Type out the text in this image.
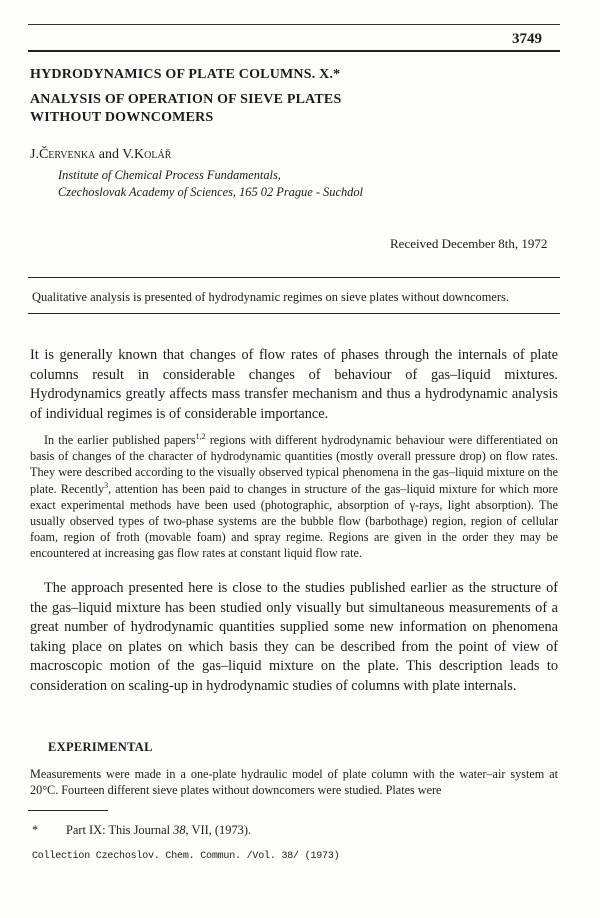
3749
HYDRODYNAMICS OF PLATE COLUMNS. X.*
ANALYSIS OF OPERATION OF SIEVE PLATES
WITHOUT DOWNCOMERS
J.Červenka and V.Kolář
Institute of Chemical Process Fundamentals,
Czechoslovak Academy of Sciences, 165 02 Prague - Suchdol
Received December 8th, 1972
Qualitative analysis is presented of hydrodynamic regimes on sieve plates without downcomers.

It is generally known that changes of flow rates of phases through the internals of plate columns result in considerable changes of behaviour of gas–liquid mixtures. Hydrodynamics greatly affects mass transfer mechanism and thus a hydrodynamic analysis of individual regimes is of considerable importance.

In the earlier published papers$^{1,2}$ regions with different hydrodynamic behaviour were differentiated on basis of changes of the character of hydrodynamic quantities (mostly overall pressure drop) on flow rates. They were described according to the visually observed typical phenomena in the gas–liquid mixture on the plate. Recently$^3$, attention has been paid to changes in structure of the gas–liquid mixture for which more exact experimental methods have been used (photographic, absorption of γ-rays, light absorption). The usually observed types of two-phase systems are the bubble flow (barbothage) region, region of cellular foam, region of froth (movable foam) and spray regime. Regions are given in the order they may be encountered at increasing gas flow rates at constant liquid flow rate.

The approach presented here is close to the studies published earlier as the structure of the gas–liquid mixture has been studied only visually but simultaneous measurements of a great number of hydrodynamic quantities supplied some new information on phenomena taking place on plates on which basis they can be described from the point of view of macroscopic motion of the gas–liquid mixture on the plate. This description leads to consideration on scaling-up in hydrodynamic studies of columns with plate internals.

EXPERIMENTAL

Measurements were made in a one-plate hydraulic model of plate column with the water–air system at 20°C. Fourteen different sieve plates without downcomers were studied. Plates were

* Part IX: This Journal 38, VII, (1973).
Collection Czechoslov. Chem. Commun. /Vol. 38/ (1973)
